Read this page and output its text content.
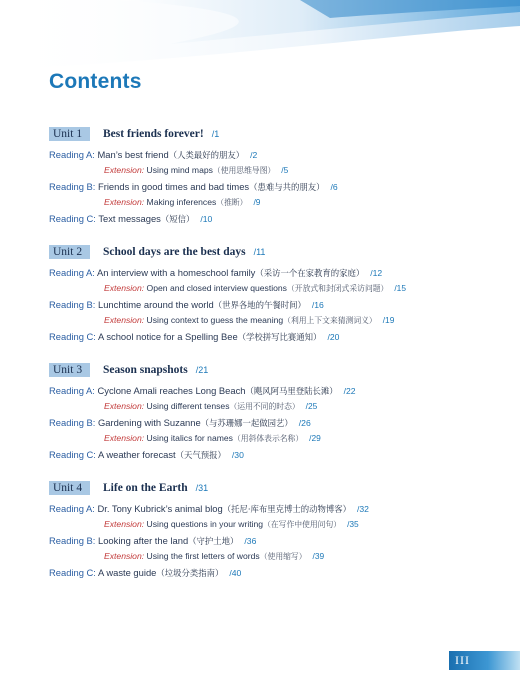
Contents
Unit 1	Best friends forever! /1
Reading A: Man’s best friend（人类最好的朋友） /2
Extension: Using mind maps（使用思维导图） /5
Reading B: Friends in good times and bad times（患难与共的朋友） /6
Extension: Making inferences（推断） /9
Reading C: Text messages（短信） /10
Unit 2	School days are the best days /11
Reading A: An interview with a homeschool family（采访一个在家教育的家庭） /12
Extension: Open and closed interview questions（开放式和封闭式采访问题） /15
Reading B: Lunchtime around the world（世界各地的午餐时间） /16
Extension: Using context to guess the meaning（利用上下文来猜测词义） /19
Reading C: A school notice for a Spelling Bee（学校拼写比赛通知） /20
Unit 3	Season snapshots /21
Reading A: Cyclone Amali reaches Long Beach（飓风阿马里登陆长滩） /22
Extension: Using different tenses（运用不同的时态） /25
Reading B: Gardening with Suzanne（与苏珊娜一起做园艺） /26
Extension: Using italics for names（用斜体表示名称） /29
Reading C: A weather forecast（天气预报） /30
Unit 4	Life on the Earth /31
Reading A: Dr. Tony Kubrick’s animal blog（托尼·库布里克博士的动物博客） /32
Extension: Using questions in your writing（在写作中使用问句） /35
Reading B: Looking after the land（守护土地） /36
Extension: Using the first letters of words（使用缩写） /39
Reading C: A waste guide（垃圾分类指南） /40
III
